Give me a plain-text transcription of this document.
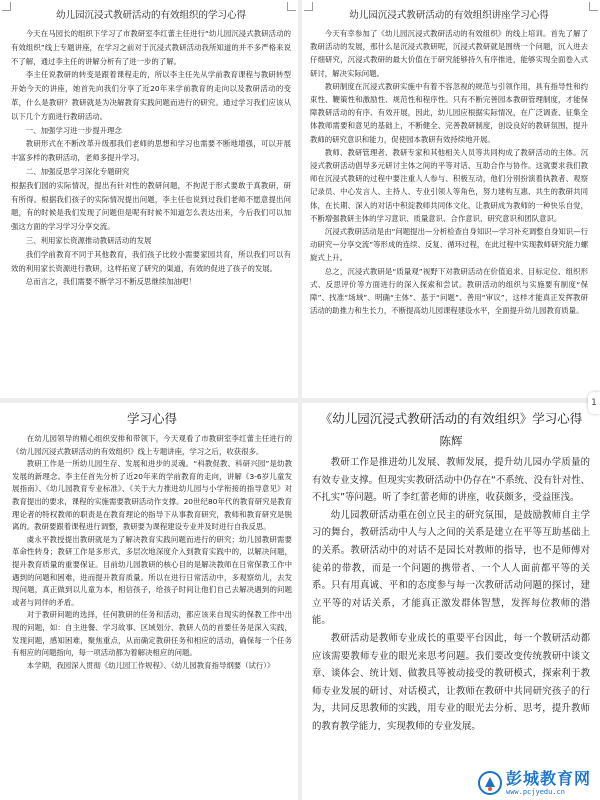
幼儿园沉浸式教研活动的有效组织的学习心得

今天在马园长的组织下学习了市教研室李红蕾主任进行“幼儿园沉浸式教研活动的有效组织”线上专题讲座，在学习之前对于沉浸式教研活动我所知道的并不多严格来说不了解，通过李主任的讲解分析有了进一步的了解。

李主任说教研的转变是跟着课程走的，所以李主任先从学前教育课程与教研转型开始今天的讲座，她首先向我们分享了近20年来学前教育的走向以及教研活动的变革，什么是教研？教研就是为决解教育实践问题而进行的研究。通过学习我们应该从以下几个方面进行教研活动。

一、加强学习进一步提升理念

教研形式在不断改革升级那我们老师的思想和学习也需要不断地增强，可以开展丰富多样的教研活动，老师多提升学习。

二、加强反思学习深化专题研究

根据我们园的实际情况，提出有针对性的教研问题，不拘泥于形式要敢于真教研，研有所得。根据我们孩子的实际情况提出问题，李主任也说到过我们老师不愿意提出问题，有的时候是我们发现了问题但是呢有时候不知道怎么表达出来，今后我们可以加强这方面的学习学习分享交流。

三、利用家长资源推动教研活动的发展

我们学前教育不同于其他教育，我们孩子比较小需要家园共育，所以我们可以有效的利用家长资源进行教研，这样拓宽了研究的渠道，有效的促进了孩子的发展。

总而言之，我们需要不断学习不断反思继续加油吧！

幼儿园沉浸式教研活动的有效组织讲座学习心得

今天有幸参加了《幼儿园沉浸式教研活动的有效组织》的线上培训。首先了解了教研活动的发展，那什么是沉浸式教研呢，沉浸式教研就是围绕一个问题，沉入进去仔细研究，沉浸式教研的最大价值在于研究能够持久有序推进，能够实现全面卷入式研讨，解决实际问题。

教研制度在沉浸式教研实施中有着不容忽视的规范与引领作用，具有指导性和约束性、鞭策性和激励性、规范性和程序性。只有不断完善园本教研管理制度，才能保障教研活动的有序、有效开展，因此，幼儿园应根据实际情况，在广泛调查、征集全体教师需要和意见的基础上，不断健全、完善教研制度，创设良好的教研氛围，提升教师的研究意识和能力，促使园本教研有效持续地开展。

教师、教研管理者、教研专家和其他相关人员等共同构成了教研活动的主体。沉浸式教研活动倡导多元研讨主体之间的平等对话、互助合作与协作。这就要求我们教师在沉浸式教研的过程中要注重人人参与、积极互动，他们分别扮演着执教者、观察记录员、中心发言人、主持人、专业引领人等角色，努力建构互惠、共生的教研共同体，在长期、深入的对话中积淀教师共同体文化，让教研成为教师的一种快乐自觉，不断增强教研主体的学习意识、质量意识、合作意识、研究意识和团队意识。

沉浸式教研活动是由“问题提出—分析检查自身知识—学习补充调整自身知识—行动研究—分享交流”等形成的连续、反复、循环过程，在此过程中实现教师研究能力螺旋式上升。

总之，沉浸式教研是“质量观”视野下对教研活动在价值追求、目标定位、组织形式、反思评价等方面进行的深入探索和尝试。教研活动的组织与实施要有制度“保障”、找准“场域”、明确“主体”、基于“问题”、善用“审议”，这样才能真正发挥教研活动的助推力和生长力，不断提高幼儿园课程建设水平，全面提升幼儿园教育质量。

学习心得

在幼儿园领导的精心组织安排和带领下，今天观看了市教研室李红蕾主任进行的《幼儿园沉浸式教研活动的有效组织》线上专题讲座，学习之后，收获很多。

教研工作是一所幼儿园生存、发展和进步的灵魂。“科教促教、科研兴园”是幼教发展的新理念。李主任首先分析了近20年来的学前教育的走向，讲解《3-6岁儿童发展指南》、《幼儿园教育专业标准》、《关于大力推进幼儿园与小学衔接的指导意见》对教育提出的要求，课程的实施需要教研活动作支撑。20世纪80年代的教育研究是教育理论者的特权教师的职责是在教育理论的指导下从事教育研究，教师和教育研究是脱离的。教研要跟着课程进行调整，教研要为课程建设专业并及时进行自我反思。

虞永平教授提出教研就是为了解决教育实践问题而进行的研究；幼儿园教研需要革命性转身；教研工作是多形式、多层次地深度介入到教育实践中的，以解决问题，提升教育质量的重要保证。目前幼儿园教研的核心目的是解决教师在日常保教工作中遇到的问题和困难，进而提升教育质量。所以在进行日常活动中，多观察幼儿，去发现问题，真正做到以儿童为本，相信孩子，给孩子时间让他们自己去解决遇到的问题或者与同伴的矛盾。

对于教研问题的选择，任何教研的任务和活动，都应该来自现实的保教工作中出现的问题，如：自主进餐、学习故事、区域划分、教研人员的首要任务是深入实践，发现问题，感知困难，聚焦重点，从而确定教研任务和相应的活动，确保每一个任务有相应的问题指向，每一项活动都为着解决相应的问题。

本学期，我园深入贯彻《幼儿园工作规程》、《幼儿园教育指导纲要（试行）》

《幼儿园沉浸式教研活动的有效组织》学习心得
陈辉

教研工作是推进幼儿发展、教师发展，提升幼儿园办学质量的有效专业支撑。但现实实教研活动中仍存在“不系统、没有针对性、不扎实”等问题。听了李红蕾老师的讲座，收获颇多，受益匪浅。

幼儿园教研活动重在创立民主的研究氛围，是鼓励教师自主学习的舞台，教研活动中人与人之间的关系是建立在平等互助基础上的关系。教研活动中的对话不是园长对教师的指导，也不是师傅对徒弟的带教，而是一个问题的携带者、一个人人面前都平等的关系。只有用真诚、平和的态度参与每一次教研活动问题的探讨，建立平等的对话关系，才能真正激发群体智慧，发挥每位教师的潜能。

教研活动是教师专业成长的重要平台因此，每一个教研活动都应该需要教师专业的眼光来思考问题。我们要改变传统教研中谈文章、谈体会、统计划、做教具等被动接受的教研模式，探索利于教师专业发展的研讨、对话模式，让教师在教研中共同研究孩子的行为，共同反思教师的实践，用专业的眼光去分析、思考，提升教师的教育教学能力，实现教师的专业发展。

1
彭城教育网
www.pcjyedu.cn
